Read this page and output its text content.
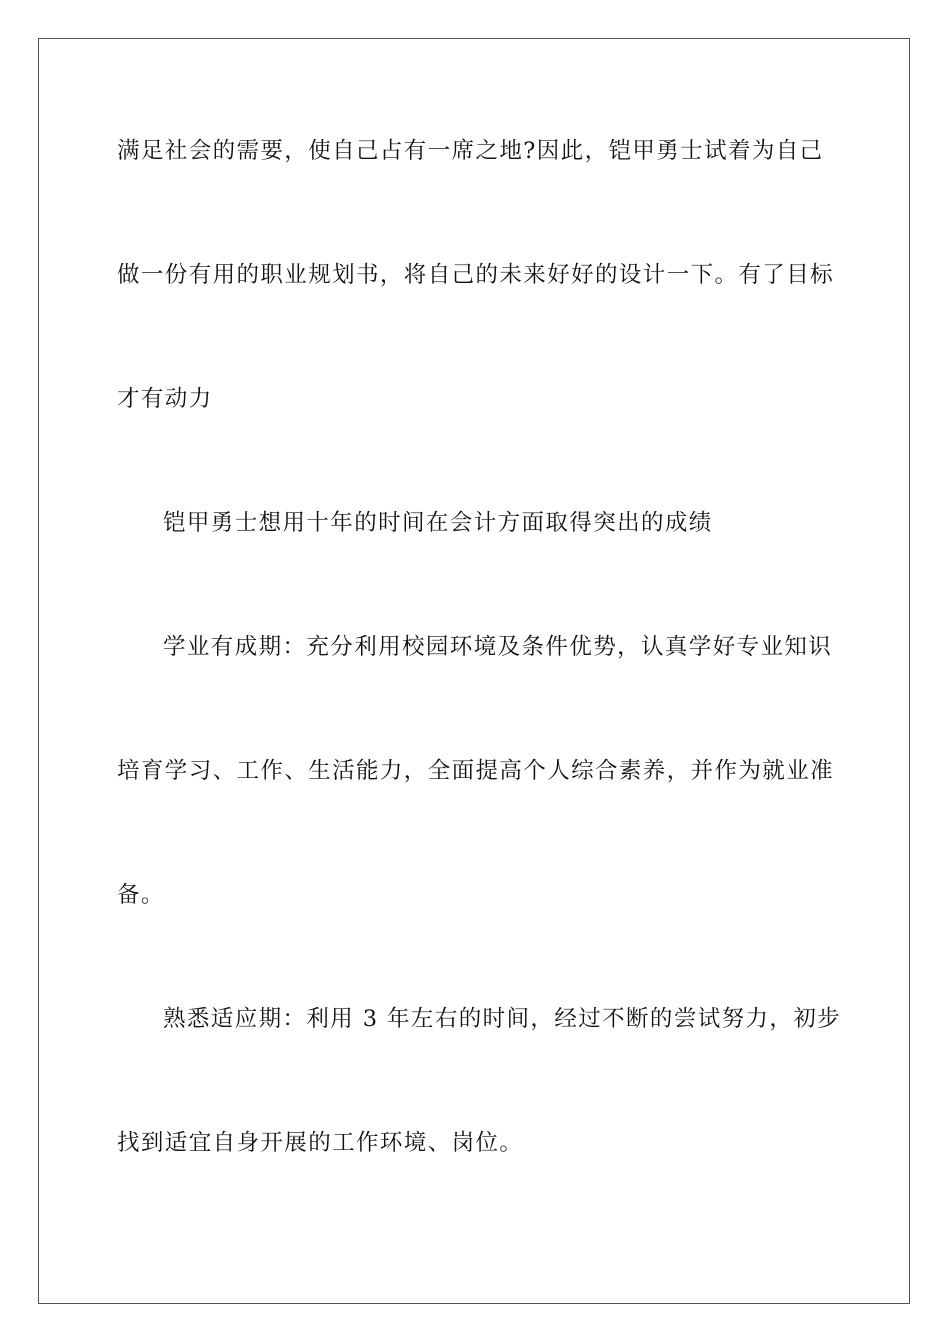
满足社会的需要，使自己占有一席之地?因此，铠甲勇士试着为自己
做一份有用的职业规划书，将自己的未来好好的设计一下。有了目标
才有动力
铠甲勇士想用十年的时间在会计方面取得突出的成绩
学业有成期：充分利用校园环境及条件优势，认真学好专业知识
培育学习、工作、生活能力，全面提高个人综合素养，并作为就业准
备。
熟悉适应期：利用 3 年左右的时间，经过不断的尝试努力，初步
找到适宜自身开展的工作环境、岗位。
